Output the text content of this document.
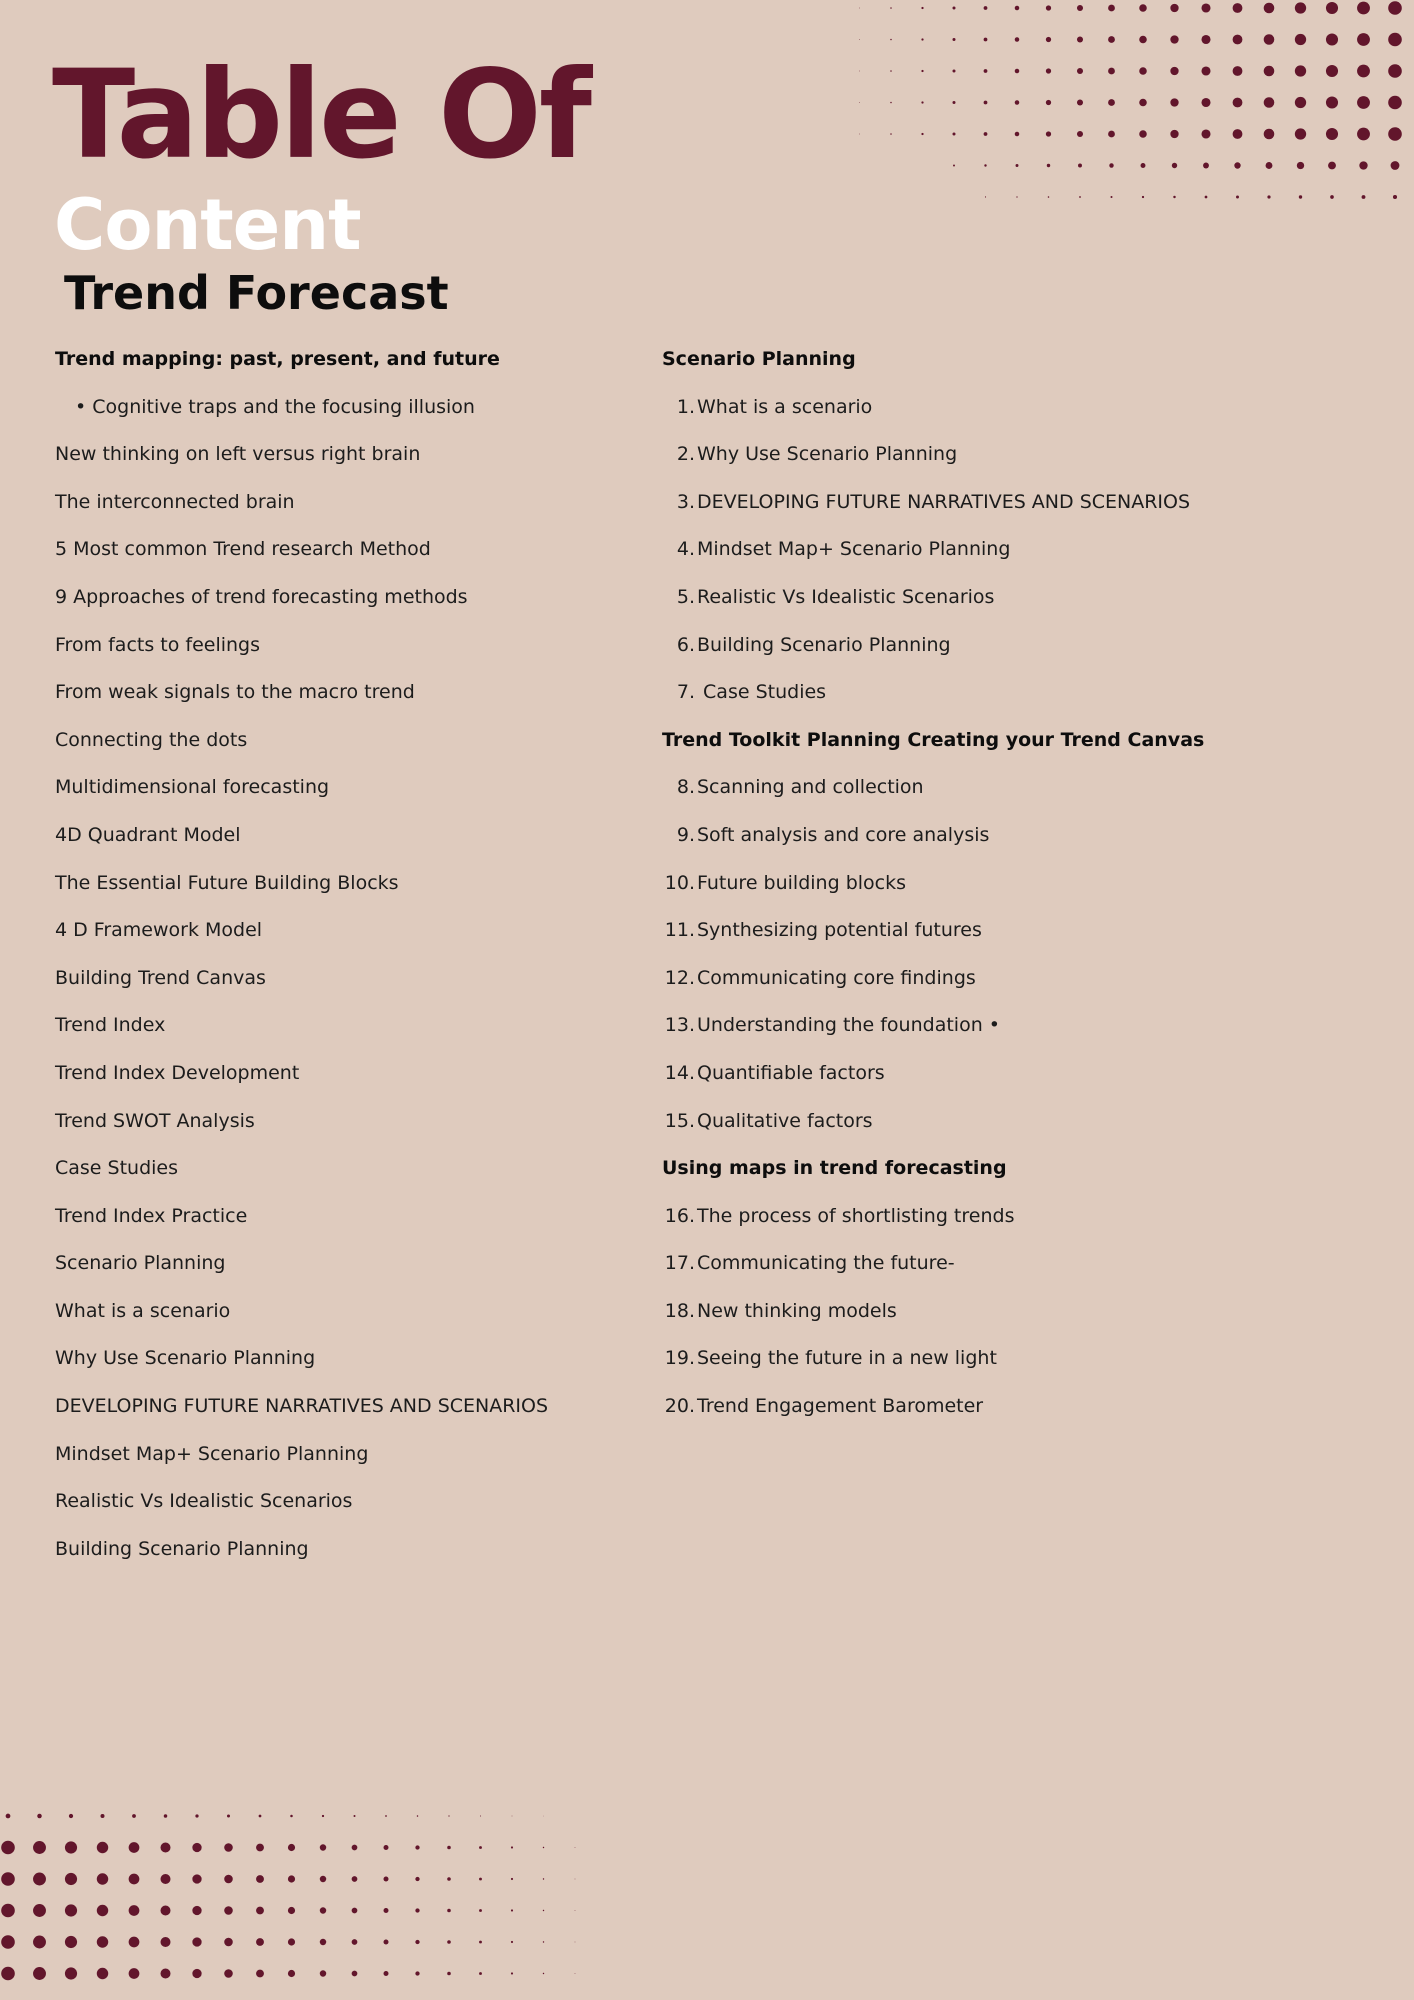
Table Of
Content
Trend Forecast
Trend mapping: past, present, and future
• Cognitive traps and the focusing illusion
New thinking on left versus right brain
The interconnected brain
5 Most common Trend research Method
9 Approaches of trend forecasting methods
From facts to feelings
From weak signals to the macro trend
Connecting the dots
Multidimensional forecasting
4D Quadrant Model
The Essential Future Building Blocks
4 D Framework Model
Building Trend Canvas
Trend Index
Trend Index Development
Trend SWOT Analysis
Case Studies
Trend Index Practice
Scenario Planning
What is a scenario
Why Use Scenario Planning
DEVELOPING FUTURE NARRATIVES AND SCENARIOS
Mindset Map+ Scenario Planning
Realistic Vs Idealistic Scenarios
Building Scenario Planning
Scenario Planning
1. What is a scenario
2. Why Use Scenario Planning
3. DEVELOPING FUTURE NARRATIVES AND SCENARIOS
4. Mindset Map+ Scenario Planning
5. Realistic Vs Idealistic Scenarios
6. Building Scenario Planning
7. Case Studies
Trend Toolkit Planning Creating your Trend Canvas
8. Scanning and collection
9. Soft analysis and core analysis
10. Future building blocks
11. Synthesizing potential futures
12. Communicating core findings
13. Understanding the foundation •
14. Quantifiable factors
15. Qualitative factors
Using maps in trend forecasting
16. The process of shortlisting trends
17. Communicating the future-
18. New thinking models
19. Seeing the future in a new light
20. Trend Engagement Barometer
